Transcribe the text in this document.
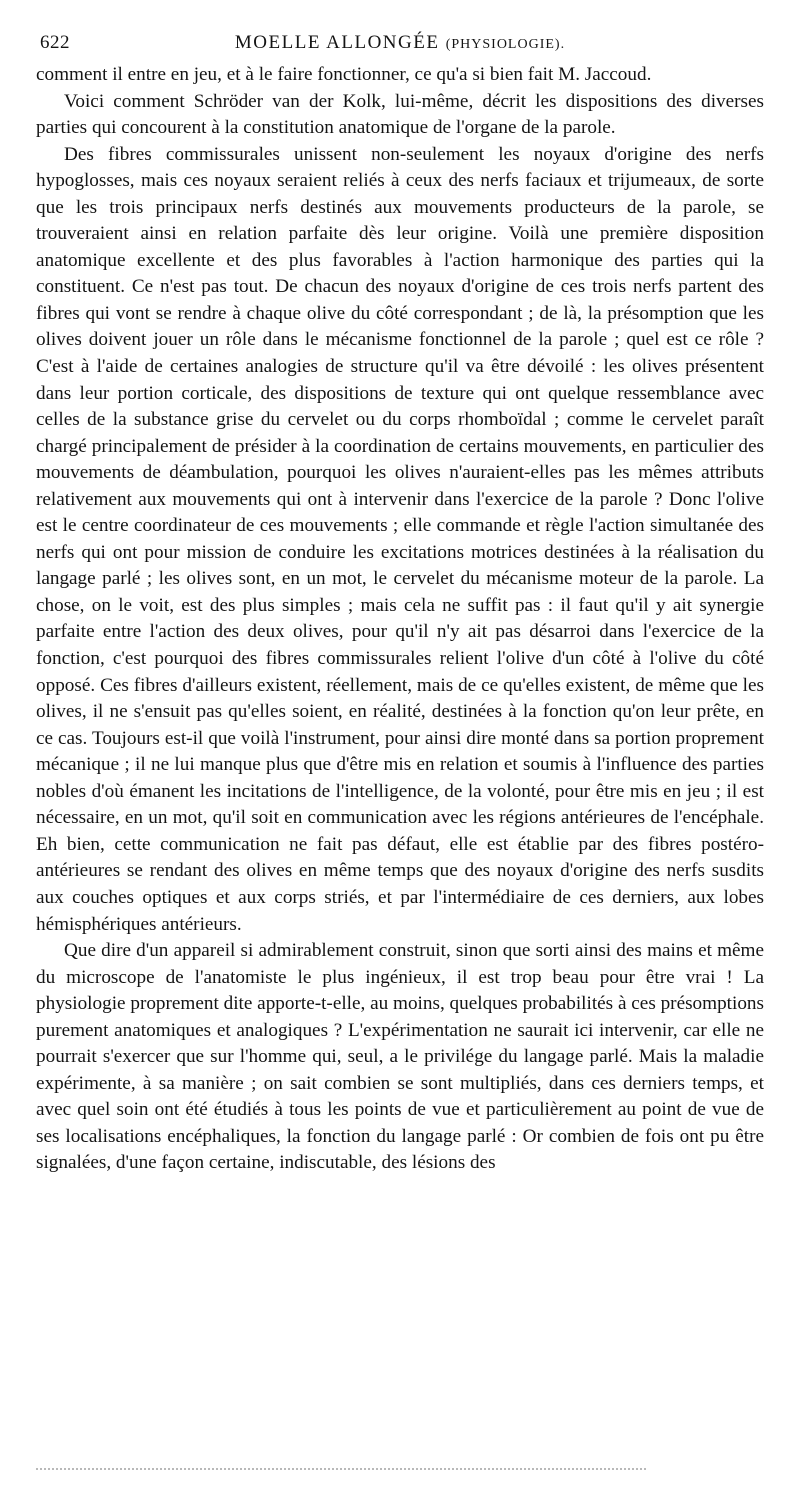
622	MOELLE ALLONGÉE (PHYSIOLOGIE).

comment il entre en jeu, et à le faire fonctionner, ce qu'a si bien fait M. Jaccoud.

Voici comment Schröder van der Kolk, lui-même, décrit les dispositions des diverses parties qui concourent à la constitution anatomique de l'organe de la parole.

Des fibres commissurales unissent non-seulement les noyaux d'origine des nerfs hypoglosses, mais ces noyaux seraient reliés à ceux des nerfs faciaux et trijumeaux, de sorte que les trois principaux nerfs destinés aux mouvements producteurs de la parole, se trouveraient ainsi en relation parfaite dès leur origine. Voilà une première disposition anatomique excellente et des plus favorables à l'action harmonique des parties qui la constituent. Ce n'est pas tout. De chacun des noyaux d'origine de ces trois nerfs partent des fibres qui vont se rendre à chaque olive du côté correspondant ; de là, la présomption que les olives doivent jouer un rôle dans le mécanisme fonctionnel de la parole ; quel est ce rôle ? C'est à l'aide de certaines analogies de structure qu'il va être dévoilé : les olives présentent dans leur portion corticale, des dispositions de texture qui ont quelque ressemblance avec celles de la substance grise du cervelet ou du corps rhomboïdal ; comme le cervelet paraît chargé principalement de présider à la coordination de certains mouvements, en particulier des mouvements de déambulation, pourquoi les olives n'auraient-elles pas les mêmes attributs relativement aux mouvements qui ont à intervenir dans l'exercice de la parole ? Donc l'olive est le centre coordinateur de ces mouvements ; elle commande et règle l'action simultanée des nerfs qui ont pour mission de conduire les excitations motrices destinées à la réalisation du langage parlé ; les olives sont, en un mot, le cervelet du mécanisme moteur de la parole. La chose, on le voit, est des plus simples ; mais cela ne suffit pas : il faut qu'il y ait synergie parfaite entre l'action des deux olives, pour qu'il n'y ait pas désarroi dans l'exercice de la fonction, c'est pourquoi des fibres commissurales relient l'olive d'un côté à l'olive du côté opposé. Ces fibres d'ailleurs existent, réellement, mais de ce qu'elles existent, de même que les olives, il ne s'ensuit pas qu'elles soient, en réalité, destinées à la fonction qu'on leur prête, en ce cas. Toujours est-il que voilà l'instrument, pour ainsi dire monté dans sa portion proprement mécanique ; il ne lui manque plus que d'être mis en relation et soumis à l'influence des parties nobles d'où émanent les incitations de l'intelligence, de la volonté, pour être mis en jeu ; il est nécessaire, en un mot, qu'il soit en communication avec les régions antérieures de l'encéphale. Eh bien, cette communication ne fait pas défaut, elle est établie par des fibres postéro-antérieures se rendant des olives en même temps que des noyaux d'origine des nerfs susdits aux couches optiques et aux corps striés, et par l'intermédiaire de ces derniers, aux lobes hémisphériques antérieurs.

Que dire d'un appareil si admirablement construit, sinon que sorti ainsi des mains et même du microscope de l'anatomiste le plus ingénieux, il est trop beau pour être vrai ! La physiologie proprement dite apporte-t-elle, au moins, quelques probabilités à ces présomptions purement anatomiques et analogiques ? L'expérimentation ne saurait ici intervenir, car elle ne pourrait s'exercer que sur l'homme qui, seul, a le privilége du langage parlé. Mais la maladie expérimente, à sa manière ; on sait combien se sont multipliés, dans ces derniers temps, et avec quel soin ont été étudiés à tous les points de vue et particulièrement au point de vue de ses localisations encéphaliques, la fonction du langage parlé : Or combien de fois ont pu être signalées, d'une façon certaine, indiscutable, des lésions des
